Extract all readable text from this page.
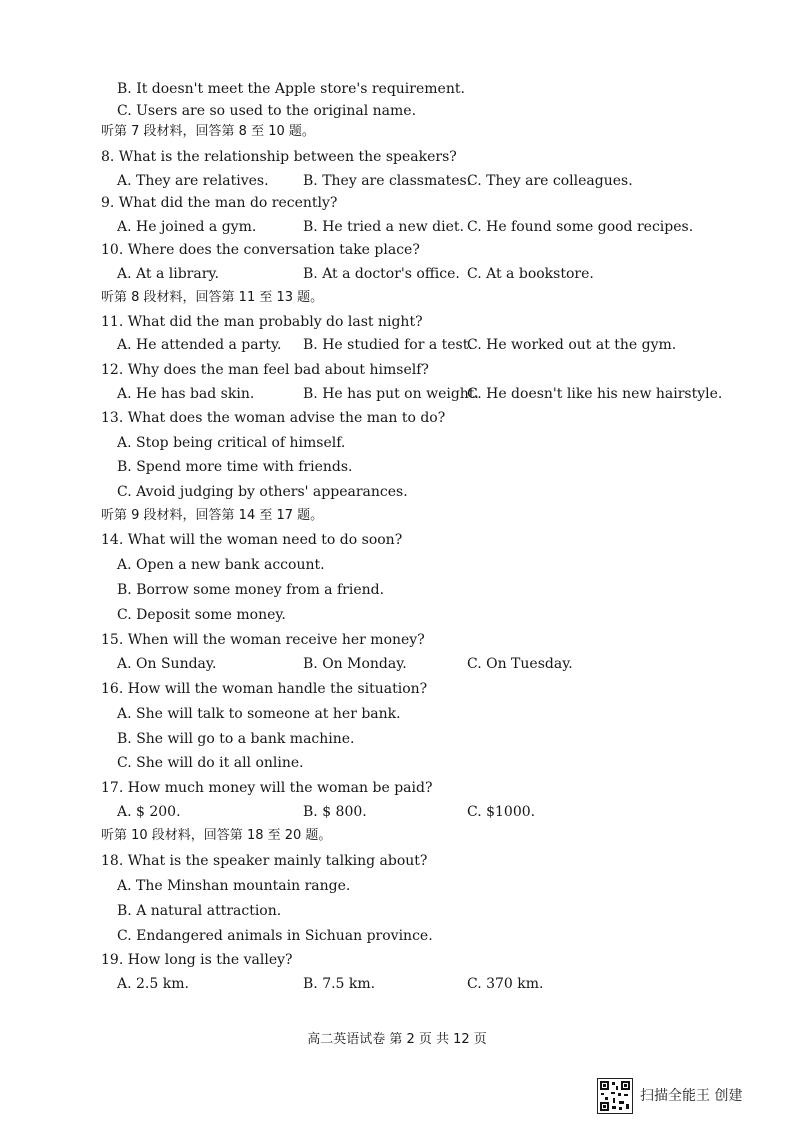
B. It doesn't meet the Apple store's requirement.
C. Users are so used to the original name.
听第 7 段材料，回答第 8 至 10 题。
8. What is the relationship between the speakers?
A. They are relatives. B. They are classmates.
C. They are colleagues.
9. What did the man do recently?
A. He joined a gym.	B. He tried a new diet. C. He found some good recipes.
10. Where does the conversation take place?
A. At a library.	B. At a doctor's office. C. At a bookstore.
听第 8 段材料，回答第 11 至 13 题。
11. What did the man probably do last night?
A. He attended a party. B. He studied for a test.
C. He worked out at the gym.
12. Why does the man feel bad about himself?
A. He has bad skin.	B. He has put on weight.
C. He doesn't like his new hairstyle.
13. What does the woman advise the man to do?
A. Stop being critical of himself.
B. Spend more time with friends.
C. Avoid judging by others' appearances.
听第 9 段材料，回答第 14 至 17 题。
14. What will the woman need to do soon?
A. Open a new bank account.
B. Borrow some money from a friend.
C. Deposit some money.
15. When will the woman receive her money?
A. On Sunday.	B. On Monday.	C. On Tuesday.
16. How will the woman handle the situation?
A. She will talk to someone at her bank.
B. She will go to a bank machine.
C. She will do it all online.
17. How much money will the woman be paid?
A. $ 200.	B. $ 800.	C. $1000.
听第 10 段材料，回答第 18 至 20 题。
18. What is the speaker mainly talking about?
A. The Minshan mountain range.
B. A natural attraction.
C. Endangered animals in Sichuan province.
19. How long is the valley?
A. 2.5 km.	B. 7.5 km.	C. 370 km.
高二英语试卷 第 2 页 共 12 页
扫描全能王 创建
